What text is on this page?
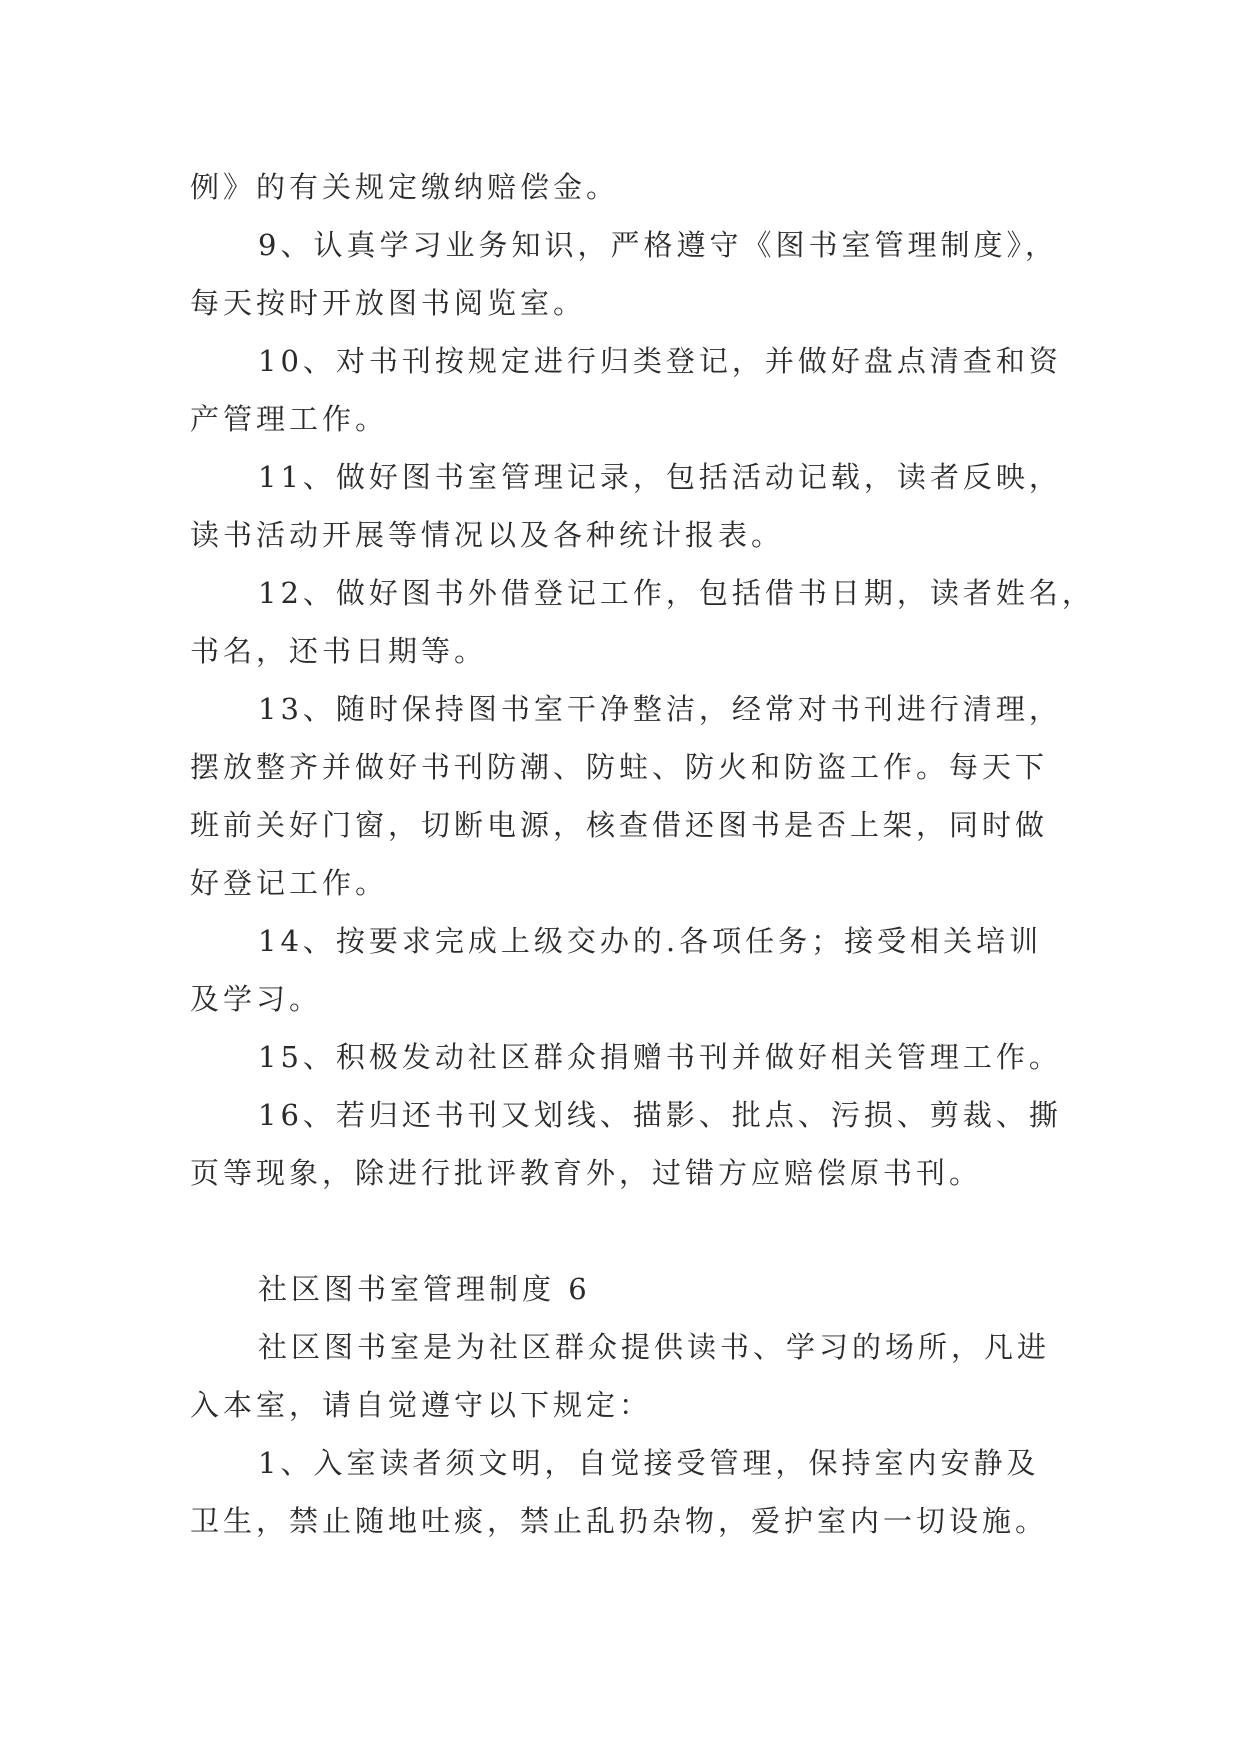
例》的有关规定缴纳赔偿金。
9、认真学习业务知识，严格遵守《图书室管理制度》，
每天按时开放图书阅览室。
10、对书刊按规定进行归类登记，并做好盘点清查和资
产管理工作。
11、做好图书室管理记录，包括活动记载，读者反映，
读书活动开展等情况以及各种统计报表。
12、做好图书外借登记工作，包括借书日期，读者姓名，
书名，还书日期等。
13、随时保持图书室干净整洁，经常对书刊进行清理，
摆放整齐并做好书刊防潮、防蛀、防火和防盗工作。每天下
班前关好门窗，切断电源，核查借还图书是否上架，同时做
好登记工作。
14、按要求完成上级交办的.各项任务；接受相关培训
及学习。
15、积极发动社区群众捐赠书刊并做好相关管理工作。
16、若归还书刊又划线、描影、批点、污损、剪裁、撕
页等现象，除进行批评教育外，过错方应赔偿原书刊。
社区图书室管理制度 6
社区图书室是为社区群众提供读书、学习的场所，凡进
入本室，请自觉遵守以下规定：
1、入室读者须文明，自觉接受管理，保持室内安静及
卫生，禁止随地吐痰，禁止乱扔杂物，爱护室内一切设施。
